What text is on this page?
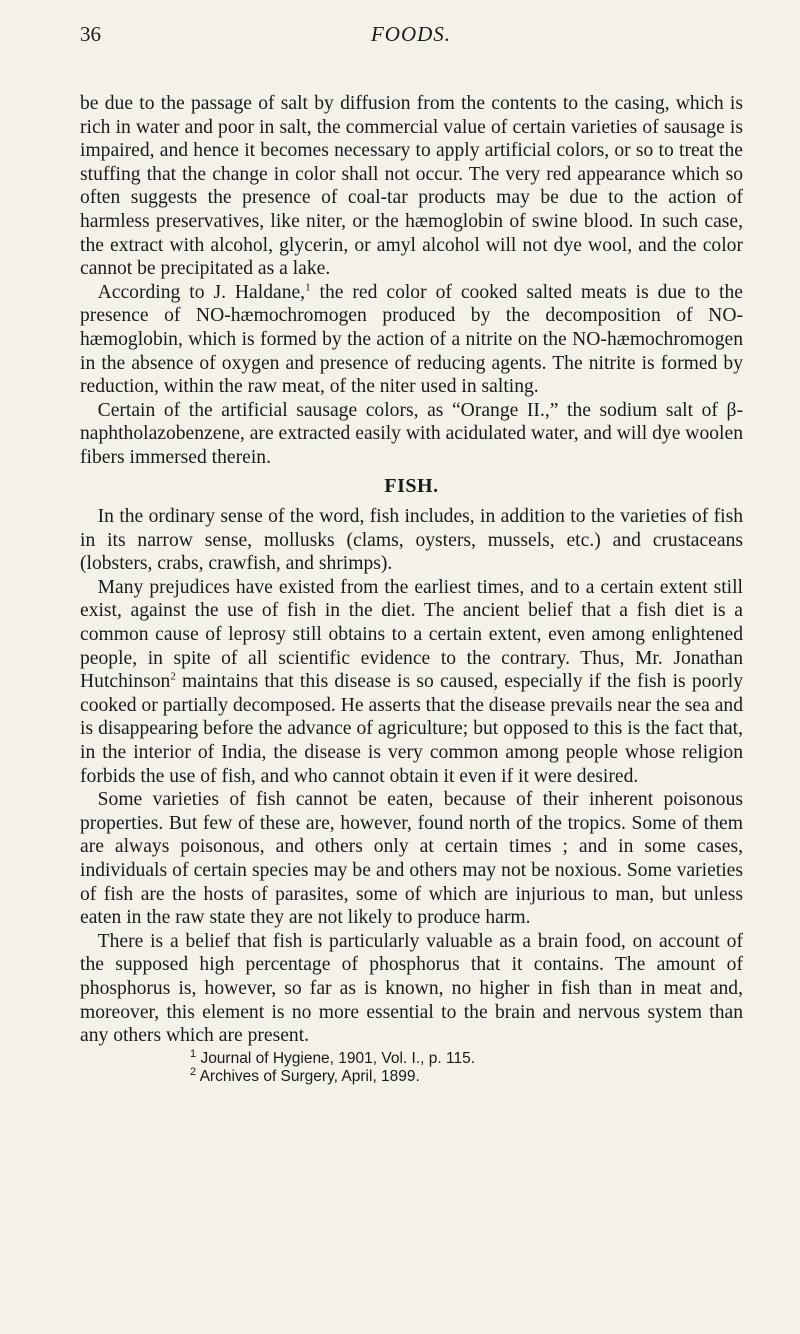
36	FOODS.

be due to the passage of salt by diffusion from the contents to the casing, which is rich in water and poor in salt, the commercial value of certain varieties of sausage is impaired, and hence it becomes necessary to apply artificial colors, or so to treat the stuffing that the change in color shall not occur. The very red appearance which so often suggests the presence of coal-tar products may be due to the action of harmless preservatives, like niter, or the hæmoglobin of swine blood. In such case, the extract with alcohol, glycerin, or amyl alcohol will not dye wool, and the color cannot be precipitated as a lake.

According to J. Haldane,$^1$ the red color of cooked salted meats is due to the presence of NO-hæmochromogen produced by the decomposition of NO-hæmoglobin, which is formed by the action of a nitrite on the NO-hæmochromogen in the absence of oxygen and presence of reducing agents. The nitrite is formed by reduction, within the raw meat, of the niter used in salting.

Certain of the artificial sausage colors, as “Orange II.,” the sodium salt of β-naphtholazobenzene, are extracted easily with acidulated water, and will dye woolen fibers immersed therein.

FISH.

In the ordinary sense of the word, fish includes, in addition to the varieties of fish in its narrow sense, mollusks (clams, oysters, mussels, etc.) and crustaceans (lobsters, crabs, crawfish, and shrimps).

Many prejudices have existed from the earliest times, and to a certain extent still exist, against the use of fish in the diet. The ancient belief that a fish diet is a common cause of leprosy still obtains to a certain extent, even among enlightened people, in spite of all scientific evidence to the contrary. Thus, Mr. Jonathan Hutchinson$^2$ maintains that this disease is so caused, especially if the fish is poorly cooked or partially decomposed. He asserts that the disease prevails near the sea and is disappearing before the advance of agriculture; but opposed to this is the fact that, in the interior of India, the disease is very common among people whose religion forbids the use of fish, and who cannot obtain it even if it were desired.

Some varieties of fish cannot be eaten, because of their inherent poisonous properties. But few of these are, however, found north of the tropics. Some of them are always poisonous, and others only at certain times ; and in some cases, individuals of certain species may be and others may not be noxious. Some varieties of fish are the hosts of parasites, some of which are injurious to man, but unless eaten in the raw state they are not likely to produce harm.

There is a belief that fish is particularly valuable as a brain food, on account of the supposed high percentage of phosphorus that it contains. The amount of phosphorus is, however, so far as is known, no higher in fish than in meat and, moreover, this element is no more essential to the brain and nervous system than any others which are present.

$^1$ Journal of Hygiene, 1901, Vol. I., p. 115.
$^2$ Archives of Surgery, April, 1899.
